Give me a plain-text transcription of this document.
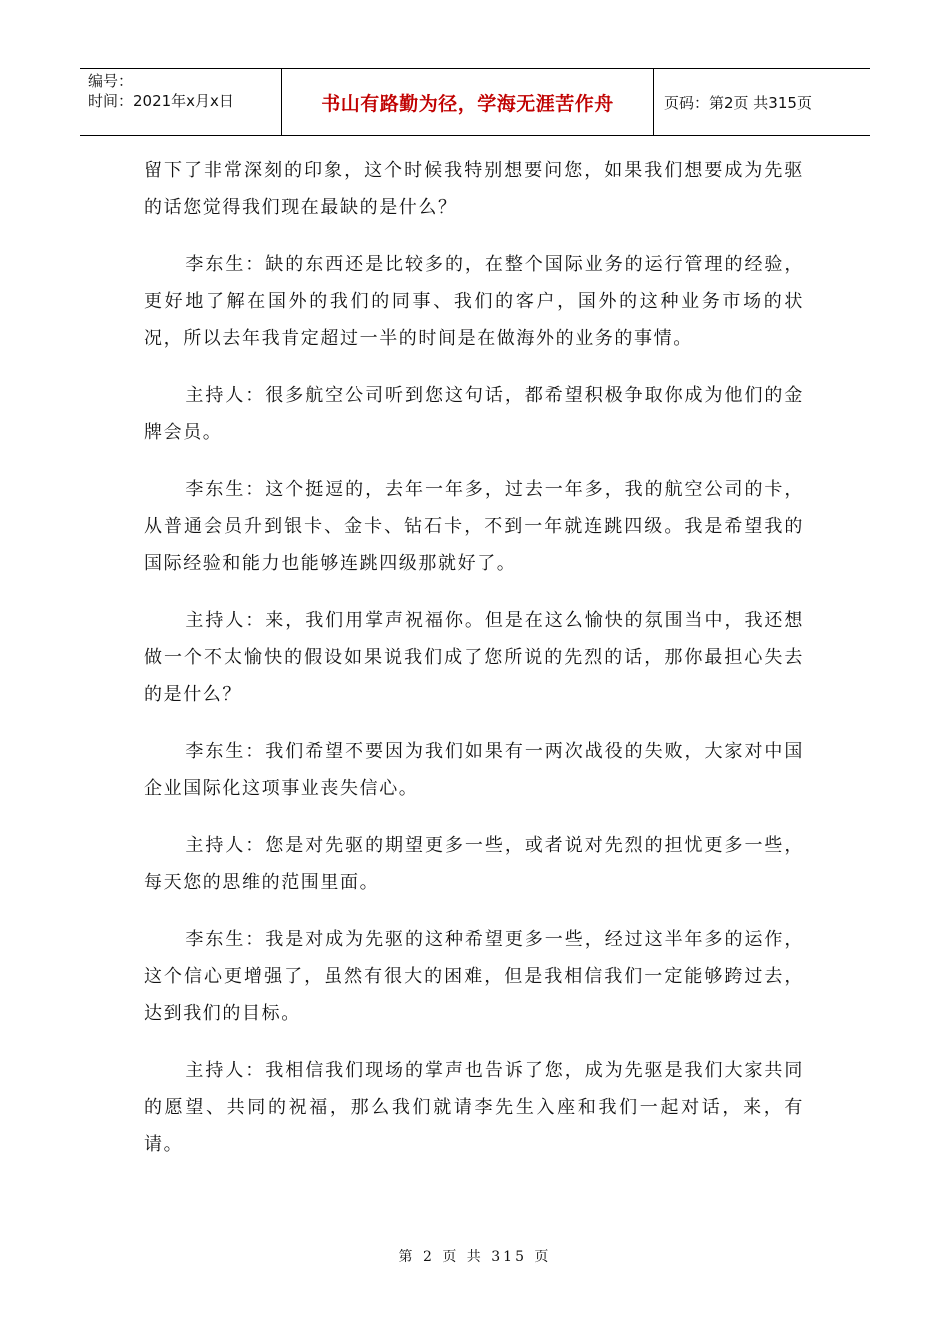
编号：
时间：2021年x月x日	书山有路勤为径，学海无涯苦作舟	页码：第2页 共315页

留下了非常深刻的印象，这个时候我特别想要问您，如果我们想要成为先驱的话您觉得我们现在最缺的是什么？

李东生：缺的东西还是比较多的，在整个国际业务的运行管理的经验，更好地了解在国外的我们的同事、我们的客户，国外的这种业务市场的状况，所以去年我肯定超过一半的时间是在做海外的业务的事情。

主持人：很多航空公司听到您这句话，都希望积极争取你成为他们的金牌会员。

李东生：这个挺逗的，去年一年多，过去一年多，我的航空公司的卡，从普通会员升到银卡、金卡、钻石卡，不到一年就连跳四级。我是希望我的国际经验和能力也能够连跳四级那就好了。

主持人：来，我们用掌声祝福你。但是在这么愉快的氛围当中，我还想做一个不太愉快的假设如果说我们成了您所说的先烈的话，那你最担心失去的是什么？

李东生：我们希望不要因为我们如果有一两次战役的失败，大家对中国企业国际化这项事业丧失信心。

主持人：您是对先驱的期望更多一些，或者说对先烈的担忧更多一些，每天您的思维的范围里面。

李东生：我是对成为先驱的这种希望更多一些，经过这半年多的运作，这个信心更增强了，虽然有很大的困难，但是我相信我们一定能够跨过去，达到我们的目标。

主持人：我相信我们现场的掌声也告诉了您，成为先驱是我们大家共同的愿望、共同的祝福，那么我们就请李先生入座和我们一起对话，来，有请。

第 2 页 共 315 页
